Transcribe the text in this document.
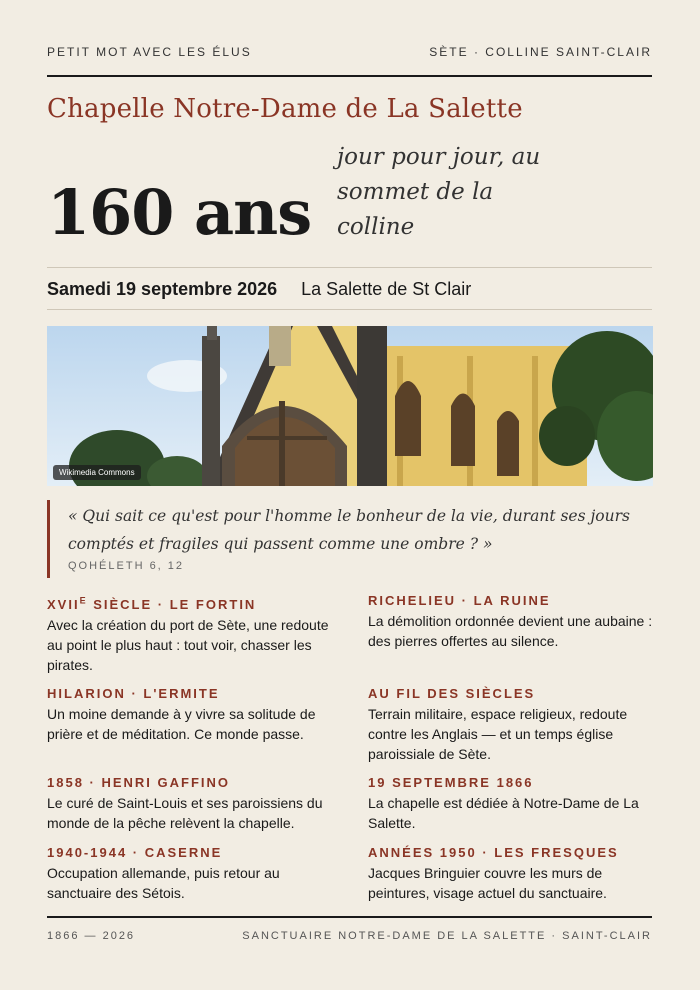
PETIT MOT AVEC LES ÉLUS	SÈTE · COLLINE SAINT-CLAIR
Chapelle Notre-Dame de La Salette
160 ans
jour pour jour, au sommet de la colline
Samedi 19 septembre 2026 La Salette de St Clair
Wikimedia Commons
« Qui sait ce qu'est pour l'homme le bonheur de la vie, durant ses jours comptés et fragiles qui passent comme une ombre ? »
QOHÉLETH 6, 12
$XVII^E$ SIÈCLE · LE FORTIN
Avec la création du port de Sète, une redoute au point le plus haut : tout voir, chasser les pirates.
RICHELIEU · LA RUINE
La démolition ordonnée devient une aubaine : des pierres offertes au silence.
HILARION · L'ERMITE
Un moine demande à y vivre sa solitude de prière et de méditation. Ce monde passe.
AU FIL DES SIÈCLES
Terrain militaire, espace religieux, redoute contre les Anglais — et un temps église paroissiale de Sète.
1858 · HENRI GAFFINO
Le curé de Saint-Louis et ses paroissiens du monde de la pêche relèvent la chapelle.
19 SEPTEMBRE 1866
La chapelle est dédiée à Notre-Dame de La Salette.
1940-1944 · CASERNE
Occupation allemande, puis retour au sanctuaire des Sétois.
ANNÉES 1950 · LES FRESQUES
Jacques Bringuier couvre les murs de peintures, visage actuel du sanctuaire.
1866 — 2026	SANCTUAIRE NOTRE-DAME DE LA SALETTE · SAINT-CLAIR
